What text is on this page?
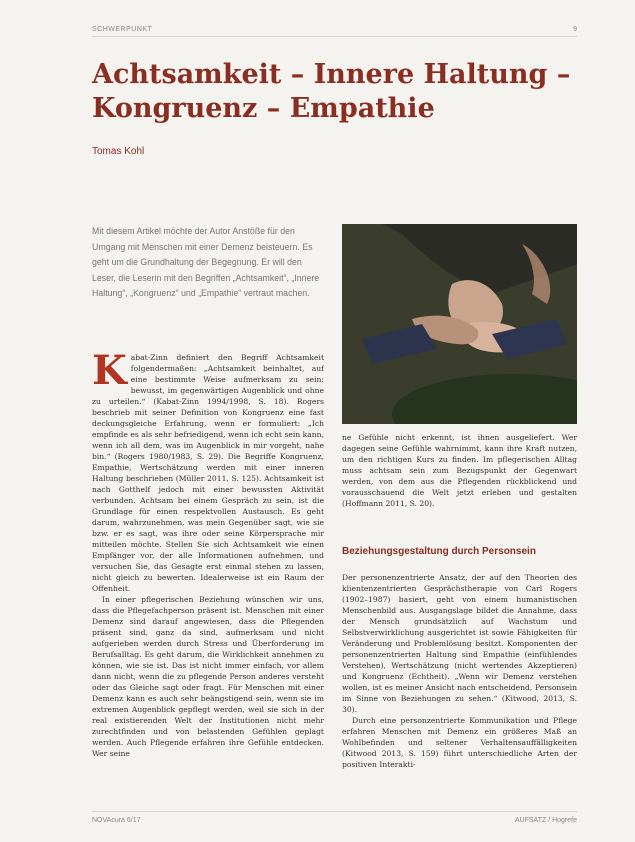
SCHWERPUNKT	9
Achtsamkeit – Innere Haltung – Kongruenz – Empathie
Tomas Kohl

Mit diesem Artikel möchte der Autor Anstöße für den Umgang mit Menschen mit einer Demenz beisteuern. Es geht um die Grundhaltung der Begegnung. Er will den Leser, die Leserin mit den Begriffen „Achtsamkeit“, „Innere Haltung“, „Kongruenz“ und „Empathie“ vertraut machen.

K abat-Zinn definiert den Begriff Achtsamkeit folgendermaßen: „Achtsamkeit beinhaltet, auf eine bestimmte Weise aufmerksam zu sein: bewusst, im gegenwärtigen Augenblick und ohne zu urteilen.“ (Kabat-Zinn 1994/1998, S. 18). Rogers beschrieb mit seiner Definition von Kongruenz eine fast deckungsgleiche Erfahrung, wenn er formuliert: „Ich empfinde es als sehr befriedigend, wenn ich echt sein kann, wenn ich all dem, was im Augenblick in mir vorgeht, nahe bin.“ (Rogers 1980/1983, S. 29). Die Begriffe Kongruenz, Empathie, Wertschätzung werden mit einer inneren Haltung beschrieben (Müller 2011, S. 125). Achtsamkeit ist nach Gotthelf jedoch mit einer bewussten Aktivität verbunden. Achtsam bei einem Gespräch zu sein, ist die Grundlage für einen respektvollen Austausch. Es geht darum, wahrzunehmen, was mein Gegenüber sagt, wie sie bzw. er es sagt, was ihre oder seine Körpersprache mir mitteilen möchte. Stellen Sie sich Achtsamkeit wie einen Empfänger vor, der alle Informationen aufnehmen, und versuchen Sie, das Gesagte erst einmal stehen zu lassen, nicht gleich zu bewerten. Idealerweise ist ein Raum der Offenheit.

In einer pflegerischen Beziehung wünschen wir uns, dass die Pflegefachperson präsent ist. Menschen mit einer Demenz sind darauf angewiesen, dass die Pflegenden präsent sind, ganz da sind, aufmerksam und nicht aufgerieben werden durch Stress und Überforderung im Berufsalltag. Es geht darum, die Wirklichkeit annehmen zu können, wie sie ist. Das ist nicht immer einfach, vor allem dann nicht, wenn die zu pflegende Person anderes versteht oder das Gleiche sagt oder fragt. Für Menschen mit einer Demenz kann es auch sehr beängstigend sein, wenn sie im extremen Augenblick gepflegt werden, weil sie sich in der real existierenden Welt der Institutionen nicht mehr zurechtfinden und von belastenden Gefühlen geplagt werden. Auch Pflegende erfahren ihre Gefühle entdecken. Wer seine

ne Gefühle nicht erkennt, ist ihnen ausgeliefert. Wer dagegen seine Gefühle wahrnimmt, kann ihre Kraft nutzen, um den richtigen Kurs zu finden. Im pflegerischen Alltag muss achtsam sein zum Bezugspunkt der Gegenwart werden, von dem aus die Pflegenden rückblickend und vorausschauend die Welt jetzt erleben und gestalten (Hoffmann 2011, S. 20).

Beziehungsgestaltung durch Personsein

Der personenzentrierte Ansatz, der auf den Theorien des klientenzentrierten Gesprächstherapie von Carl Rogers (1902–1987) basiert, geht von einem humanistischen Menschenbild aus. Ausgangslage bildet die Annahme, dass der Mensch grundsätzlich auf Wachstum und Selbstverwirklichung ausgerichtet ist sowie Fähigkeiten für Veränderung und Problemlösung besitzt. Komponenten der personenzentrierten Haltung sind Empathie (einfühlendes Verstehen), Wertschätzung (nicht wertendes Akzeptieren) und Kongruenz (Echtheit). „Wenn wir Demenz verstehen wollen, ist es meiner Ansicht nach entscheidend, Personsein im Sinne von Beziehungen zu sehen.“ (Kitwood, 2013, S. 30).

Durch eine personzentrierte Kommunikation und Pflege erfahren Menschen mit Demenz ein größeres Maß an Wohlbefinden und seltener Verhaltensauffälligkeiten (Kitwood 2013, S. 159) führt unterschiedliche Arten der positiven Interakti-

NOVAcura 6/17	AUFSATZ / Hogrefe
